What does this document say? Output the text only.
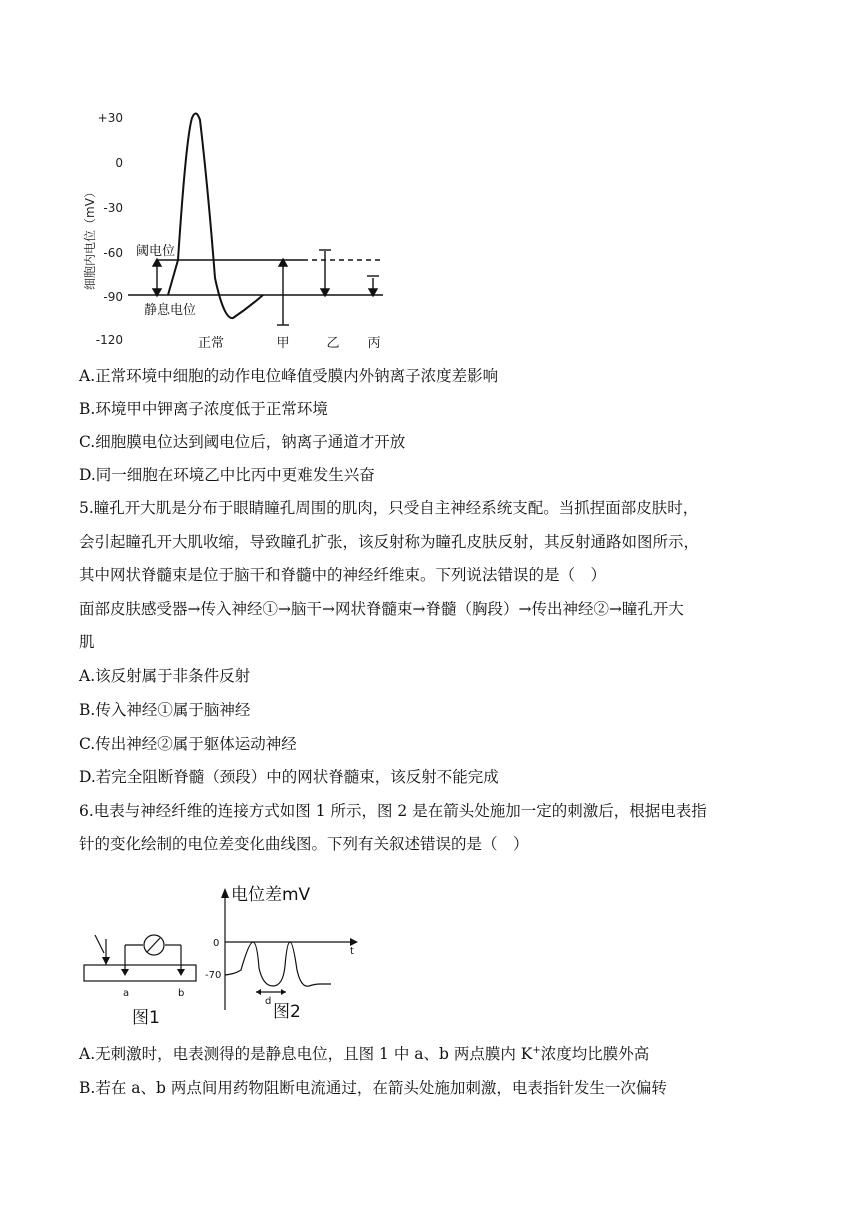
+30
0
-30
-60
-90
-120
细胞内电位（mV）	阈电位
静息电位
正常	甲	乙 丙
A.正常环境中细胞的动作电位峰值受膜内外钠离子浓度差影响
B.环境甲中钾离子浓度低于正常环境
C.细胞膜电位达到阈电位后，钠离子通道才开放
D.同一细胞在环境乙中比丙中更难发生兴奋
5.瞳孔开大肌是分布于眼睛瞳孔周围的肌肉，只受自主神经系统支配。当抓捏面部皮肤时，
会引起瞳孔开大肌收缩，导致瞳孔扩张，该反射称为瞳孔皮肤反射，其反射通路如图所示，
其中网状脊髓束是位于脑干和脊髓中的神经纤维束。下列说法错误的是（　）
面部皮肤感受器→传入神经①→脑干→网状脊髓束→脊髓（胸段）→传出神经②→瞳孔开大
肌
A.该反射属于非条件反射
B.传入神经①属于脑神经
C.传出神经②属于躯体运动神经
D.若完全阻断脊髓（颈段）中的网状脊髓束，该反射不能完成
6.电表与神经纤维的连接方式如图 1 所示，图 2 是在箭头处施加一定的刺激后，根据电表指
针的变化绘制的电位差变化曲线图。下列有关叙述错误的是（　）
a	b
图1
电位差mV
0
-70
t
d
图2
A.无刺激时，电表测得的是静息电位，且图 1 中 a、b 两点膜内 K+浓度均比膜外高
B.若在 a、b 两点间用药物阻断电流通过，在箭头处施加刺激，电表指针发生一次偏转
